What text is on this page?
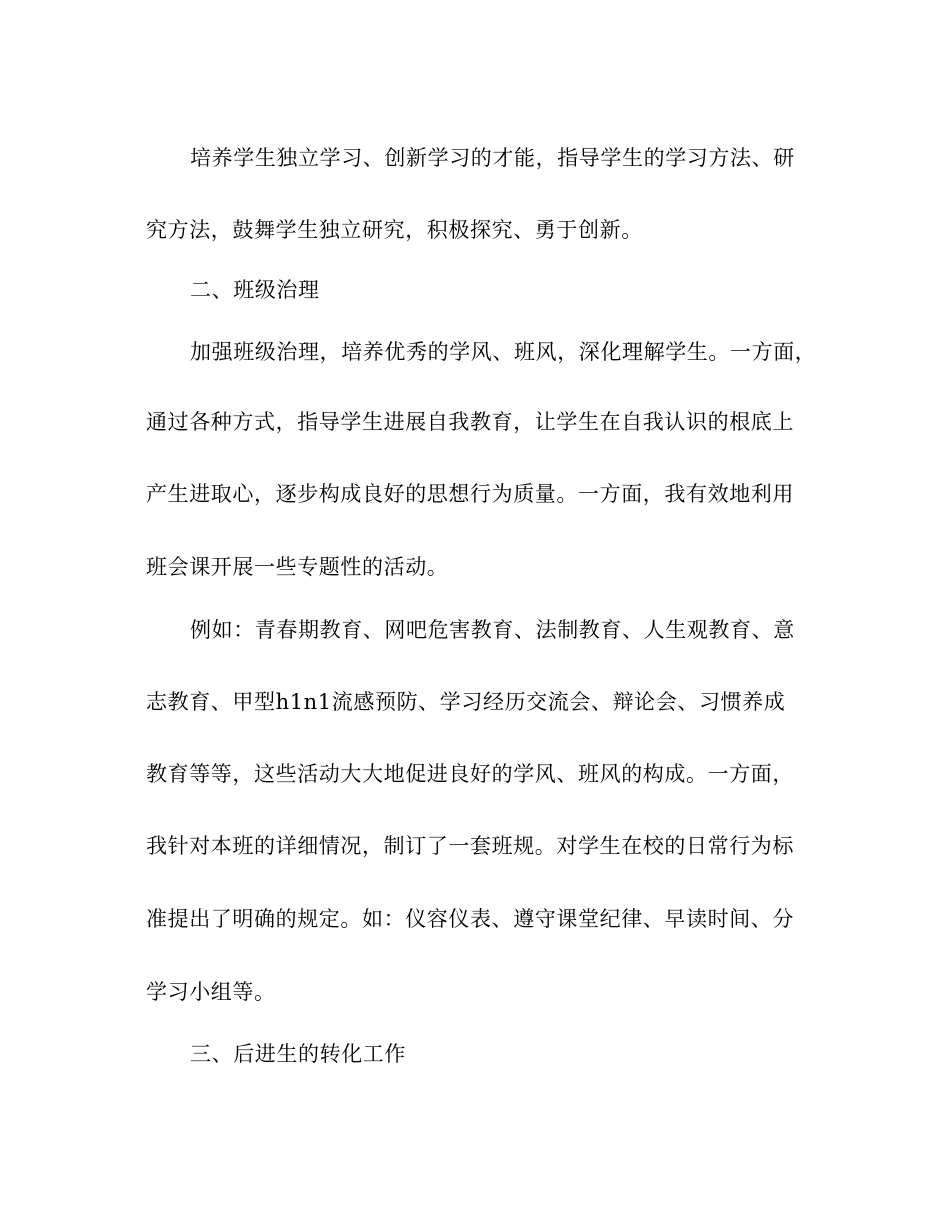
培养学生独立学习、创新学习的才能，指导学生的学习方法、研
究方法，鼓舞学生独立研究，积极探究、勇于创新。
二、班级治理
加强班级治理，培养优秀的学风、班风，深化理解学生。一方面，
通过各种方式，指导学生进展自我教育，让学生在自我认识的根底上
产生进取心，逐步构成良好的思想行为质量。一方面，我有效地利用
班会课开展一些专题性的活动。
例如：青春期教育、网吧危害教育、法制教育、人生观教育、意
志教育、甲型h1n1流感预防、学习经历交流会、辩论会、习惯养成
教育等等，这些活动大大地促进良好的学风、班风的构成。一方面，
我针对本班的详细情况，制订了一套班规。对学生在校的日常行为标
准提出了明确的规定。如：仪容仪表、遵守课堂纪律、早读时间、分
学习小组等。
三、后进生的转化工作
